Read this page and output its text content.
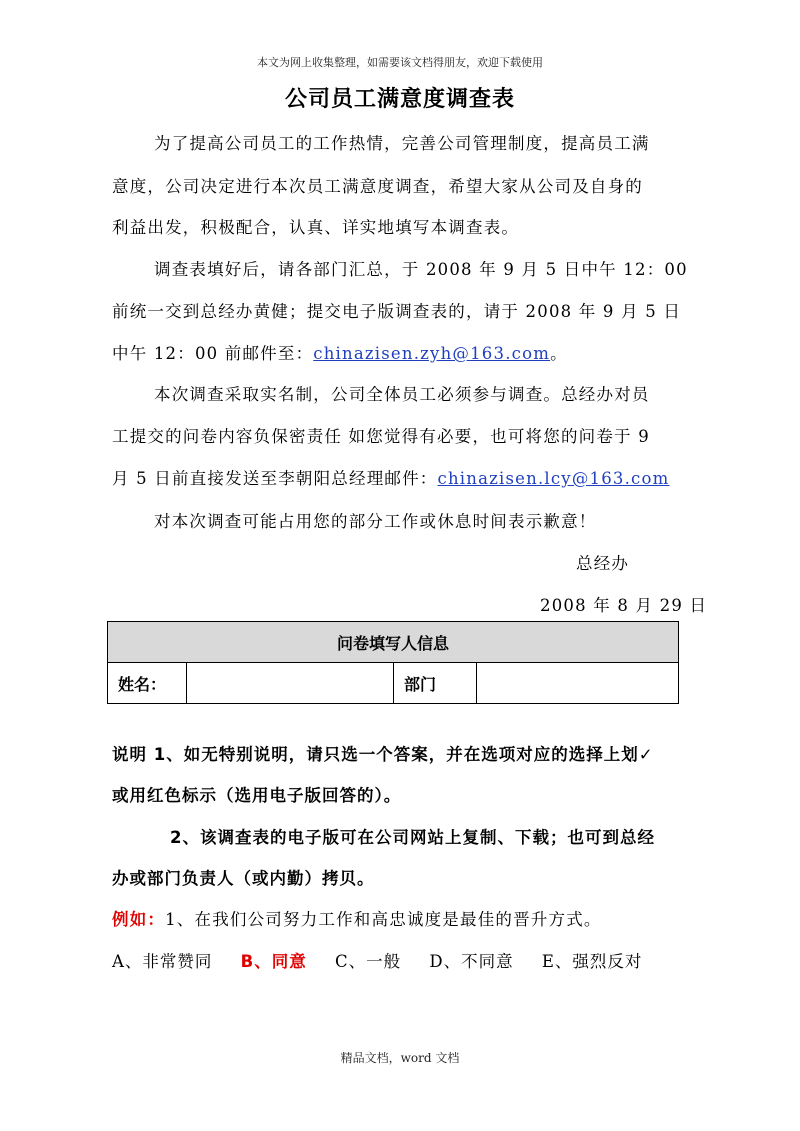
本文为网上收集整理，如需要该文档得朋友，欢迎下载使用
公司员工满意度调查表
为了提高公司员工的工作热情，完善公司管理制度，提高员工满
意度，公司决定进行本次员工满意度调查，希望大家从公司及自身的
利益出发，积极配合，认真、详实地填写本调查表。
调查表填好后，请各部门汇总，于 2008 年 9 月 5 日中午 12：00
前统一交到总经办黄健；提交电子版调查表的，请于 2008 年 9 月 5 日
中午 12：00 前邮件至：chinazisen.zyh@163.com。
本次调查采取实名制，公司全体员工必须参与调查。总经办对员
工提交的问卷内容负保密责任 如您觉得有必要，也可将您的问卷于 9
月 5 日前直接发送至李朝阳总经理邮件：chinazisen.lcy@163.com
对本次调查可能占用您的部分工作或休息时间表示歉意！
总经办
2008 年 8 月 29 日
问卷填写人信息
姓名：		部门	
说明 1、如无特别说明，请只选一个答案，并在选项对应的选择上划✓
或用红色标示（选用电子版回答的）。
2、该调查表的电子版可在公司网站上复制、下载；也可到总经
办或部门负责人（或内勤）拷贝。
例如：1、在我们公司努力工作和高忠诚度是最佳的晋升方式。
A、非常赞同 B、同意 C、一般 D、不同意 E、强烈反对
精品文档，word 文档
